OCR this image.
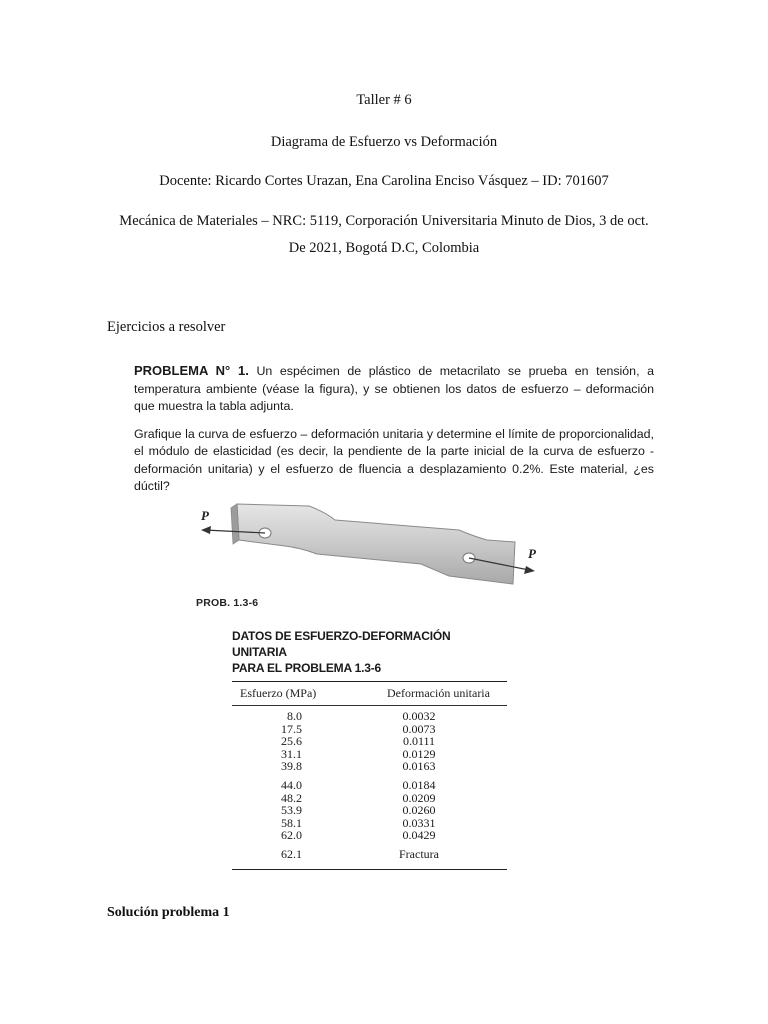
Taller # 6
Diagrama de Esfuerzo vs Deformación
Docente: Ricardo Cortes Urazan, Ena Carolina Enciso Vásquez – ID: 701607
Mecánica de Materiales – NRC: 5119, Corporación Universitaria Minuto de Dios, 3 de oct.
De 2021, Bogotá D.C, Colombia
Ejercicios a resolver

PROBLEMA N° 1. Un espécimen de plástico de metacrilato se prueba en tensión, a temperatura ambiente (véase la figura), y se obtienen los datos de esfuerzo – deformación que muestra la tabla adjunta.

Grafique la curva de esfuerzo – deformación unitaria y determine el límite de proporcionalidad, el módulo de elasticidad (es decir, la pendiente de la parte inicial de la curva de esfuerzo - deformación unitaria) y el esfuerzo de fluencia a desplazamiento 0.2%. Este material, ¿es dúctil?

P
P
PROB. 1.3-6
DATOS DE ESFUERZO-DEFORMACIÓN UNITARIA
PARA EL PROBLEMA 1.3-6
Esfuerzo (MPa)	Deformación unitaria
8.0	0.0032
17.5	0.0073
25.6	0.0111
31.1	0.0129
39.8	0.0163
44.0	0.0184
48.2	0.0209
53.9	0.0260
58.1	0.0331
62.0	0.0429
62.1	Fractura
Solución problema 1
